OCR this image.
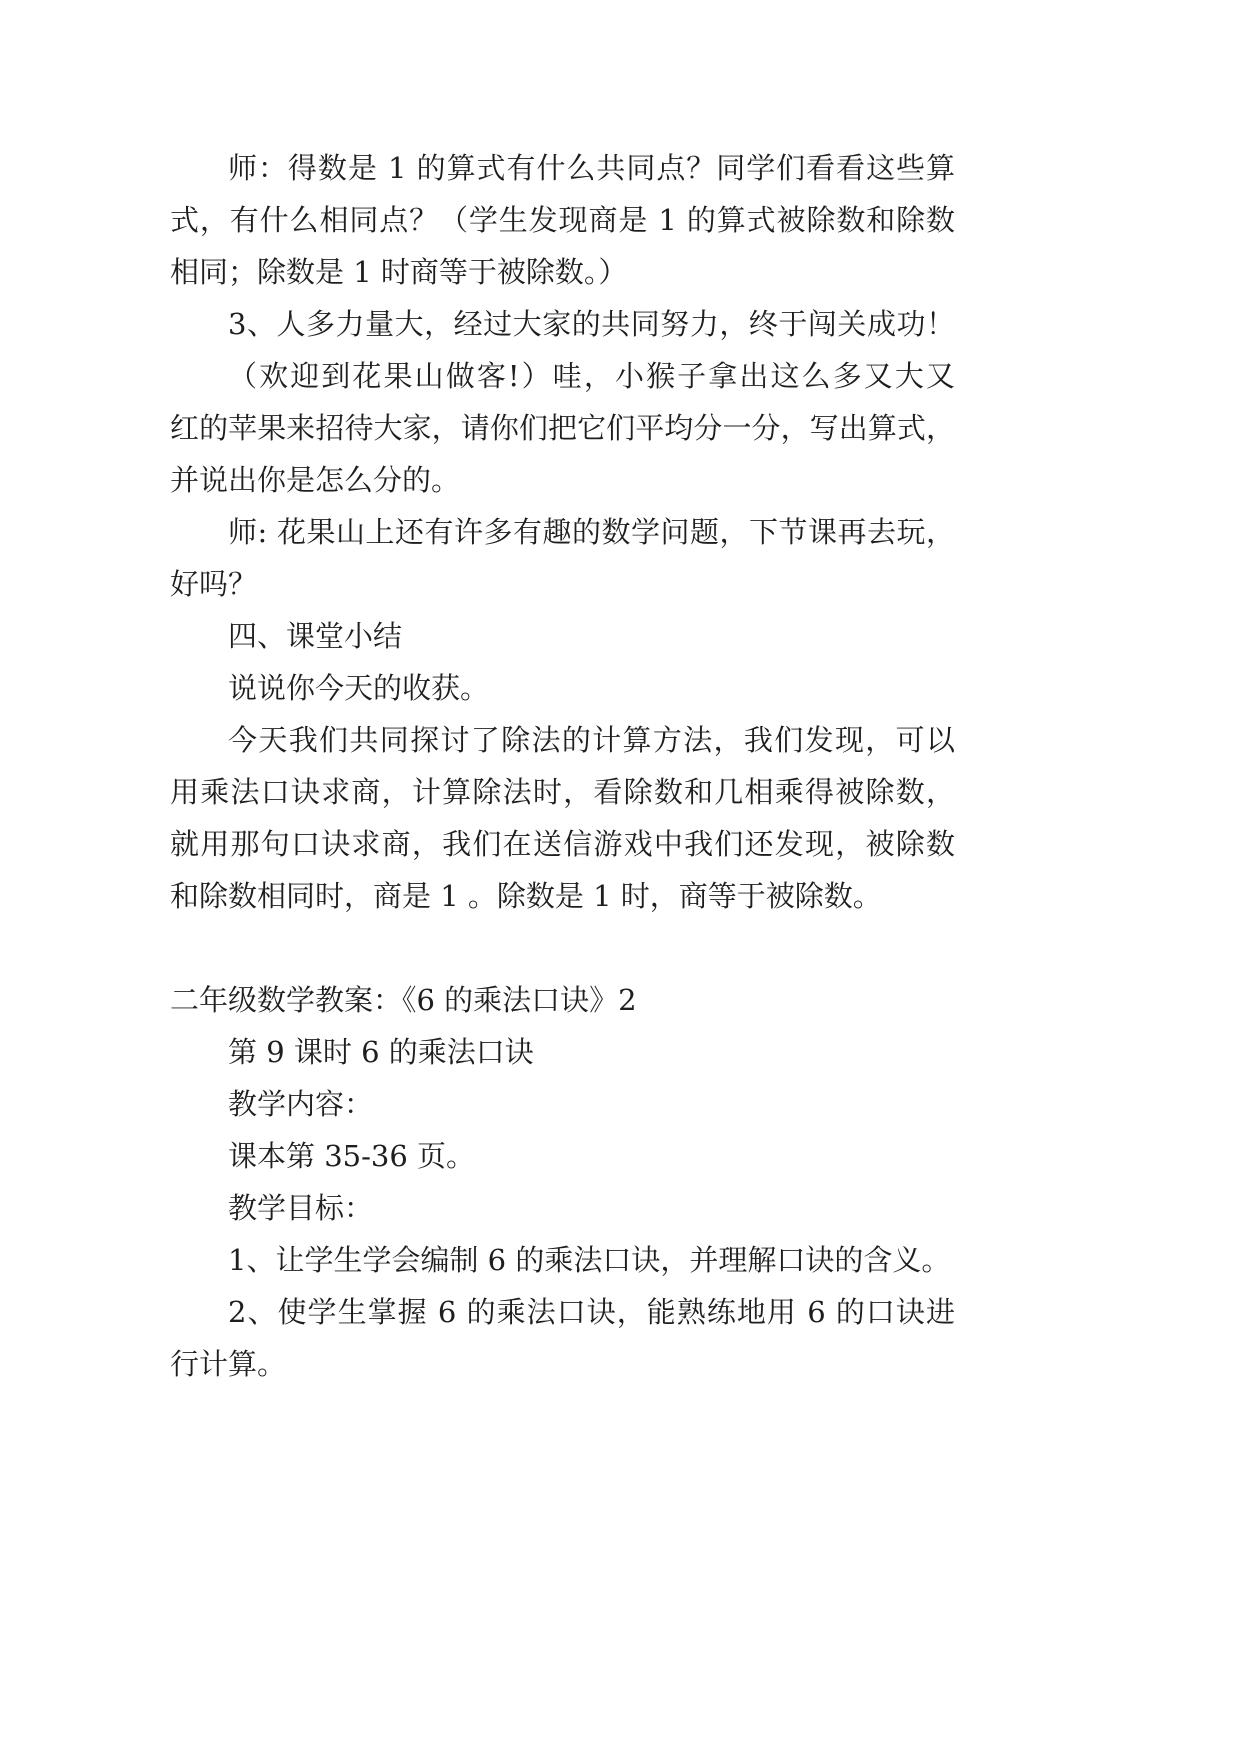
师：得数是 1 的算式有什么共同点？同学们看看这些算
式，有什么相同点？（学生发现商是 1 的算式被除数和除数
相同；除数是 1 时商等于被除数。）
3、人多力量大，经过大家的共同努力，终于闯关成功！
（欢迎到花果山做客!）哇，小猴子拿出这么多又大又
红的苹果来招待大家，请你们把它们平均分一分，写出算式，
并说出你是怎么分的。
师: 花果山上还有许多有趣的数学问题，下节课再去玩，
好吗？
四、课堂小结
说说你今天的收获。
今天我们共同探讨了除法的计算方法，我们发现，可以
用乘法口诀求商，计算除法时，看除数和几相乘得被除数，
就用那句口诀求商，我们在送信游戏中我们还发现，被除数
和除数相同时，商是 1 。除数是 1 时，商等于被除数。
二年级数学教案：《6 的乘法口诀》2
第 9 课时 6 的乘法口诀
教学内容：
课本第 35-36 页。
教学目标：
1、让学生学会编制 6 的乘法口诀，并理解口诀的含义。
2、使学生掌握 6 的乘法口诀，能熟练地用 6 的口诀进
行计算。
